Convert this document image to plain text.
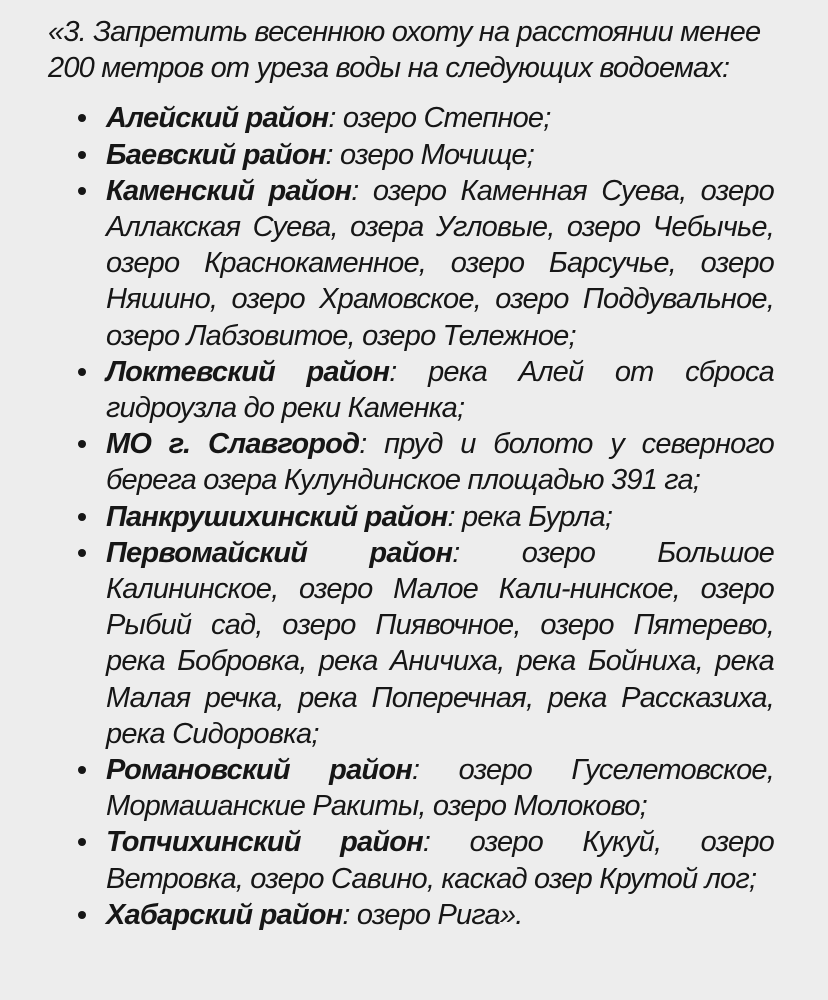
«3. Запретить весеннюю охоту на расстоянии менее 200 метров от уреза воды на следующих водоемах:

Алейский район: озеро Степное;
Баевский район: озеро Мочище;
Каменский район: озеро Каменная Суева, озеро Аллакская Суева, озера Угловые, озеро Чебычье, озеро Краснокаменное, озеро Барсучье, озеро Няшино, озеро Храмовское, озеро Поддувальное, озеро Лабзовитое, озеро Тележное;
Локтевский район: река Алей от сброса гидроузла до реки Каменка;
МО г. Славгород: пруд и болото у северного берега озера Кулундинское площадью 391 га;
Панкрушихинский район: река Бурла;
Первомайский район: озеро Большое Калининское, озеро Малое Кали-нинское, озеро Рыбий сад, озеро Пиявочное, озеро Пятерево, река Бобровка, река Аничиха, река Бойниха, река Малая речка, река Поперечная, река Рассказиха, река Сидоровка;
Романовский район: озеро Гуселетовское, Мормашанские Ракиты, озеро Молоково;
Топчихинский район: озеро Кукуй, озеро Ветровка, озеро Савино, каскад озер Крутой лог;
Хабарский район: озеро Рига».
